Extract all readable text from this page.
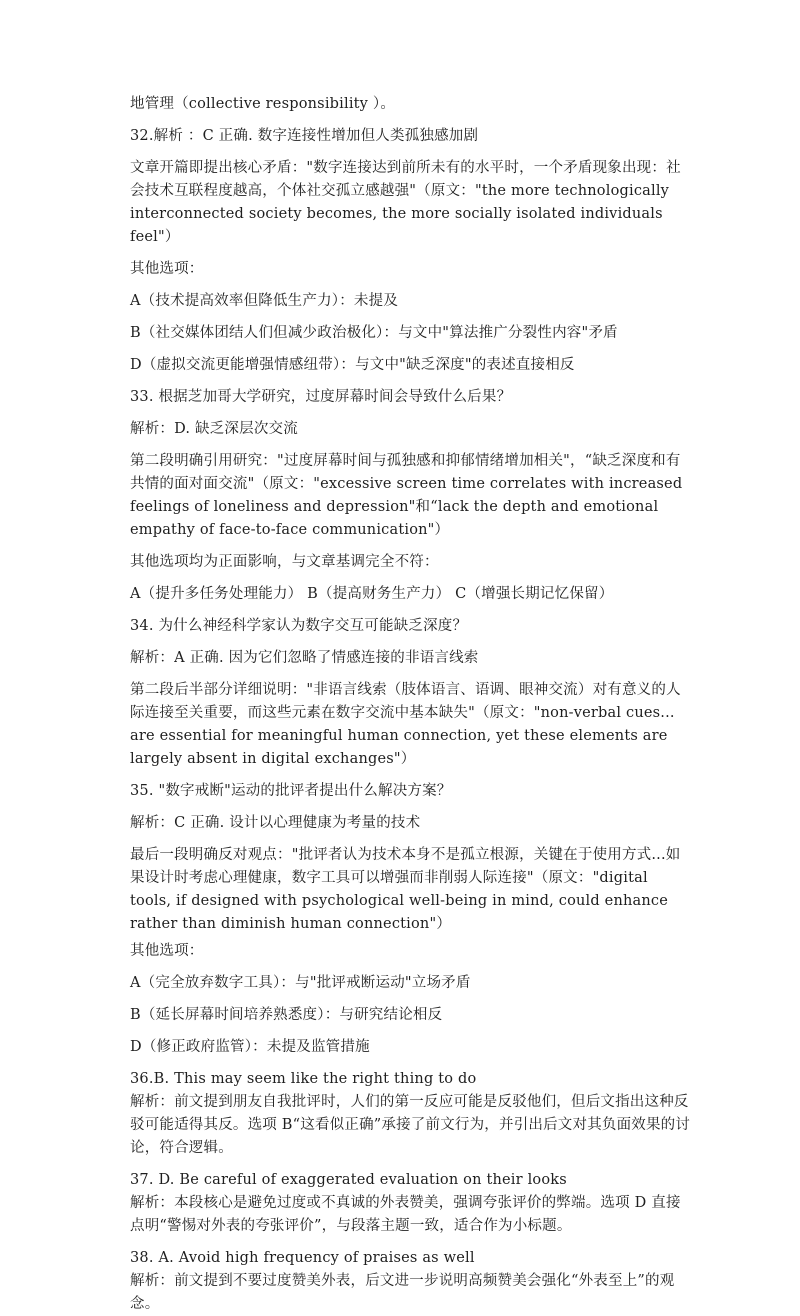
地管理（collective responsibility ）。

32.解析 ：C 正确. 数字连接性增加但人类孤独感加剧

文章开篇即提出核心矛盾："数字连接达到前所未有的水平时，一个矛盾现象出现：社会技术互联程度越高，个体社交孤立感越强"（原文："the more technologically interconnected society becomes, the more socially isolated individuals feel"）

其他选项：

A（技术提高效率但降低生产力）：未提及

B（社交媒体团结人们但减少政治极化）：与文中"算法推广分裂性内容"矛盾

D（虚拟交流更能增强情感纽带）：与文中"缺乏深度"的表述直接相反

33. 根据芝加哥大学研究，过度屏幕时间会导致什么后果？

解析：D. 缺乏深层次交流

第二段明确引用研究："过度屏幕时间与孤独感和抑郁情绪增加相关"，“缺乏深度和有共情的面对面交流"（原文："excessive screen time correlates with increased feelings of loneliness and depression"和“lack the depth and emotional empathy of face-to-face communication"）

其他选项均为正面影响，与文章基调完全不符：

A（提升多任务处理能力） B（提高财务生产力） C（增强长期记忆保留）

34. 为什么神经科学家认为数字交互可能缺乏深度？

解析：A 正确. 因为它们忽略了情感连接的非语言线索

第二段后半部分详细说明："非语言线索（肢体语言、语调、眼神交流）对有意义的人际连接至关重要，而这些元素在数字交流中基本缺失"（原文："non-verbal cues... are essential for meaningful human connection, yet these elements are largely absent in digital exchanges"）

35. "数字戒断"运动的批评者提出什么解决方案？

解析：C 正确. 设计以心理健康为考量的技术

最后一段明确反对观点："批评者认为技术本身不是孤立根源，关键在于使用方式...如果设计时考虑心理健康，数字工具可以增强而非削弱人际连接"（原文："digital tools, if designed with psychological well-being in mind, could enhance rather than diminish human connection"）

其他选项：

A（完全放弃数字工具）：与"批评戒断运动"立场矛盾

B（延长屏幕时间培养熟悉度）：与研究结论相反

D（修正政府监管）：未提及监管措施

36.B. This may seem like the right thing to do

解析：前文提到朋友自我批评时，人们的第一反应可能是反驳他们，但后文指出这种反驳可能适得其反。选项 B“这看似正确”承接了前文行为，并引出后文对其负面效果的讨论，符合逻辑。

37. D. Be careful of exaggerated evaluation on their looks

解析：本段核心是避免过度或不真诚的外表赞美，强调夸张评价的弊端。选项 D 直接点明“警惕对外表的夸张评价”，与段落主题一致，适合作为小标题。

38. A. Avoid high frequency of praises as well

解析：前文提到不要过度赞美外表，后文进一步说明高频赞美会强化“外表至上”的观念。
